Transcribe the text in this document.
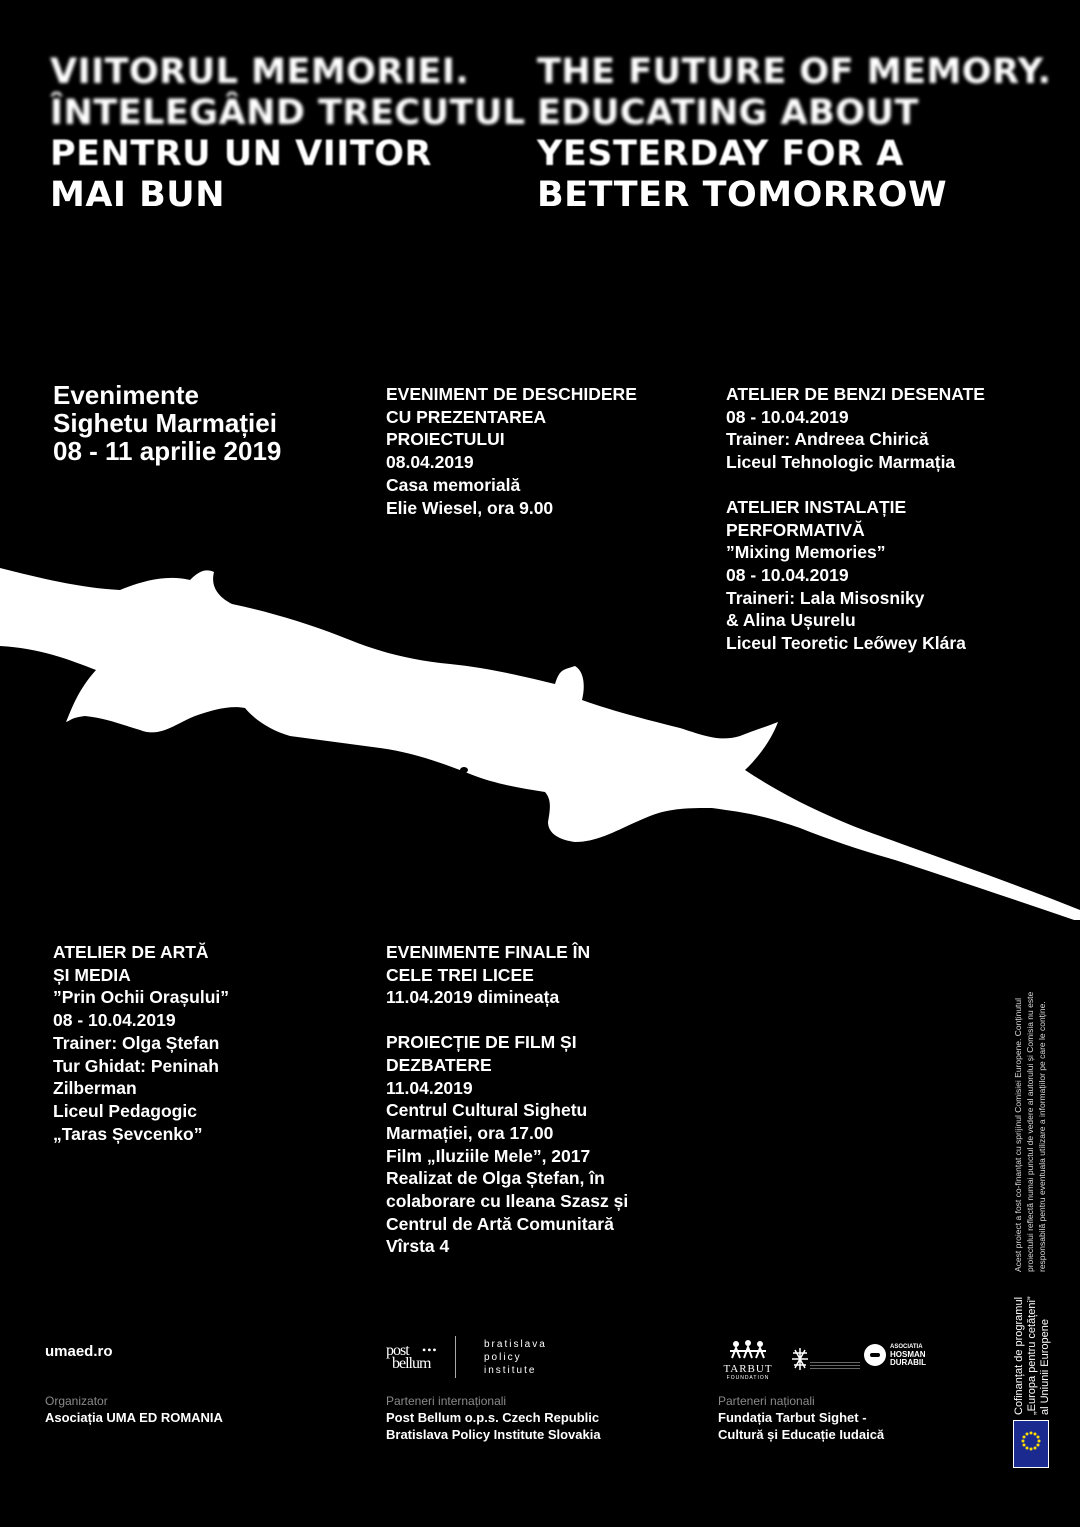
VIITORUL MEMORIEI.
ÎNTELEGÂND TRECUTUL
PENTRU UN VIITOR
MAI BUN
THE FUTURE OF MEMORY.
EDUCATING ABOUT
YESTERDAY FOR A
BETTER TOMORROW
Evenimente
Sighetu Marmației
08 - 11 aprilie 2019
EVENIMENT DE DESCHIDERE
CU PREZENTAREA
PROIECTULUI
08.04.2019
Casa memorială
Elie Wiesel, ora 9.00
ATELIER DE BENZI DESENATE
08 - 10.04.2019
Trainer: Andreea Chirică
Liceul Tehnologic Marmația
ATELIER INSTALAȚIE
PERFORMATIVĂ
”Mixing Memories”
08 - 10.04.2019
Traineri: Lala Misosniky
& Alina Ușurelu
Liceul Teoretic Leőwey Klára
ATELIER DE ARTĂ
ȘI MEDIA
”Prin Ochii Orașului”
08 - 10.04.2019
Trainer: Olga Ștefan
Tur Ghidat: Peninah
Zilberman
Liceul Pedagogic
„Taras Șevcenko”
EVENIMENTE FINALE ÎN
CELE TREI LICEE
11.04.2019 dimineața
PROIECȚIE DE FILM ȘI
DEZBATERE
11.04.2019
Centrul Cultural Sighetu
Marmației, ora 17.00
Film „Iluziile Mele”, 2017
Realizat de Olga Ștefan, în
colaborare cu Ileana Szasz și
Centrul de Artă Comunitară
Vîrsta 4	Acest proiect a fost co-finanțat cu sprijinul Comisiei Europene. Conținutul proiectului reflectă numai punctul de vedere al autorului și Comisia nu este responsabilă pentru eventuala utilizare a informațiilor pe care le conține.
umaed.ro	post
bellum
•••	bratislava
policy
institute	TARBUT
FOUNDATION
ASOCIATIA
HOSMAN
DURABIL
Organizator
Asociația UMA ED ROMANIA
Parteneri internaționali
Post Bellum o.p.s. Czech Republic
Bratislava Policy Institute Slovakia
Parteneri naționali
Fundația Tarbut Sighet -
Cultură și Educație Iudaică
Cofinanțat de programul „Europa pentru cetățeni” al Uniunii Europene
